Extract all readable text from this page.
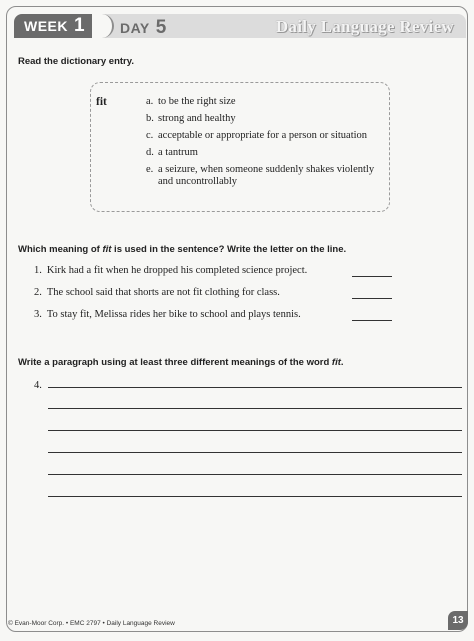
WEEK 1	DAY 5	Daily Language Review
Read the dictionary entry.
fit	a. to be the right size
b. strong and healthy
c. acceptable or appropriate for a person or situation
d. a tantrum
e. a seizure, when someone suddenly shakes violently and uncontrollably
Which meaning of fit is used in the sentence? Write the letter on the line.
1. Kirk had a fit when he dropped his completed science project.
2. The school said that shorts are not fit clothing for class.
3. To stay fit, Melissa rides her bike to school and plays tennis.
Write a paragraph using at least three different meanings of the word fit.
4.
© Evan-Moor Corp. • EMC 2797 • Daily Language Review	13
